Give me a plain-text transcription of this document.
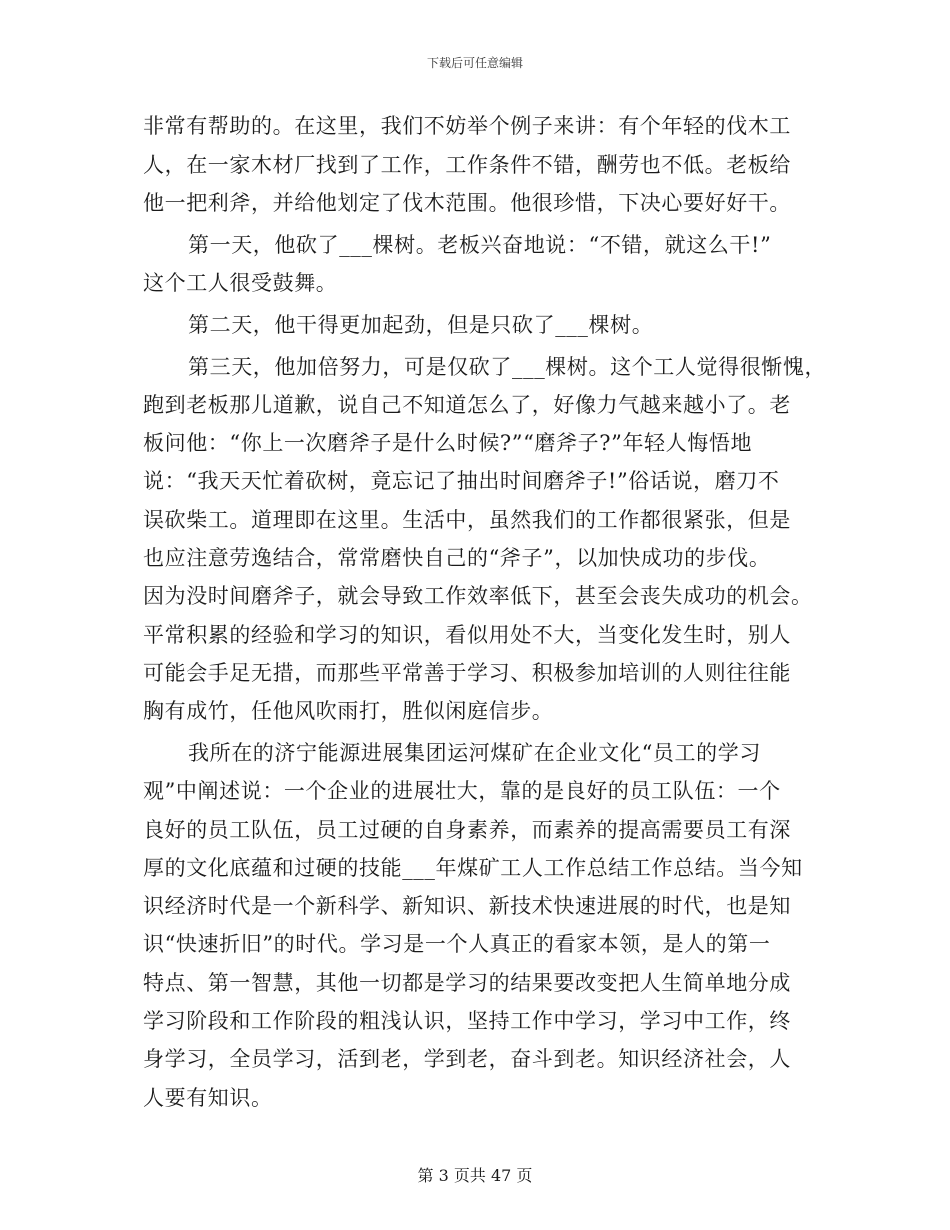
下载后可任意编辑
非常有帮助的。在这里，我们不妨举个例子来讲：有个年轻的伐木工
人，在一家木材厂找到了工作，工作条件不错，酬劳也不低。老板给
他一把利斧，并给他划定了伐木范围。他很珍惜，下决心要好好干。
第一天，他砍了___棵树。老板兴奋地说：“不错，就这么干!”
这个工人很受鼓舞。
第二天，他干得更加起劲，但是只砍了___棵树。
第三天，他加倍努力，可是仅砍了___棵树。这个工人觉得很惭愧，
跑到老板那儿道歉，说自己不知道怎么了，好像力气越来越小了。老
板问他：“你上一次磨斧子是什么时候?”“磨斧子?”年轻人悔悟地
说：“我天天忙着砍树，竟忘记了抽出时间磨斧子!”俗话说，磨刀不
误砍柴工。道理即在这里。生活中，虽然我们的工作都很紧张，但是
也应注意劳逸结合，常常磨快自己的“斧子”，以加快成功的步伐。
因为没时间磨斧子，就会导致工作效率低下，甚至会丧失成功的机会。
平常积累的经验和学习的知识，看似用处不大，当变化发生时，别人
可能会手足无措，而那些平常善于学习、积极参加培训的人则往往能
胸有成竹，任他风吹雨打，胜似闲庭信步。
我所在的济宁能源进展集团运河煤矿在企业文化“员工的学习
观”中阐述说：一个企业的进展壮大，靠的是良好的员工队伍：一个
良好的员工队伍，员工过硬的自身素养，而素养的提高需要员工有深
厚的文化底蕴和过硬的技能___年煤矿工人工作总结工作总结。当今知
识经济时代是一个新科学、新知识、新技术快速进展的时代，也是知
识“快速折旧”的时代。学习是一个人真正的看家本领，是人的第一
特点、第一智慧，其他一切都是学习的结果要改变把人生简单地分成
学习阶段和工作阶段的粗浅认识，坚持工作中学习，学习中工作，终
身学习，全员学习，活到老，学到老，奋斗到老。知识经济社会，人
人要有知识。
第 3 页共 47 页
